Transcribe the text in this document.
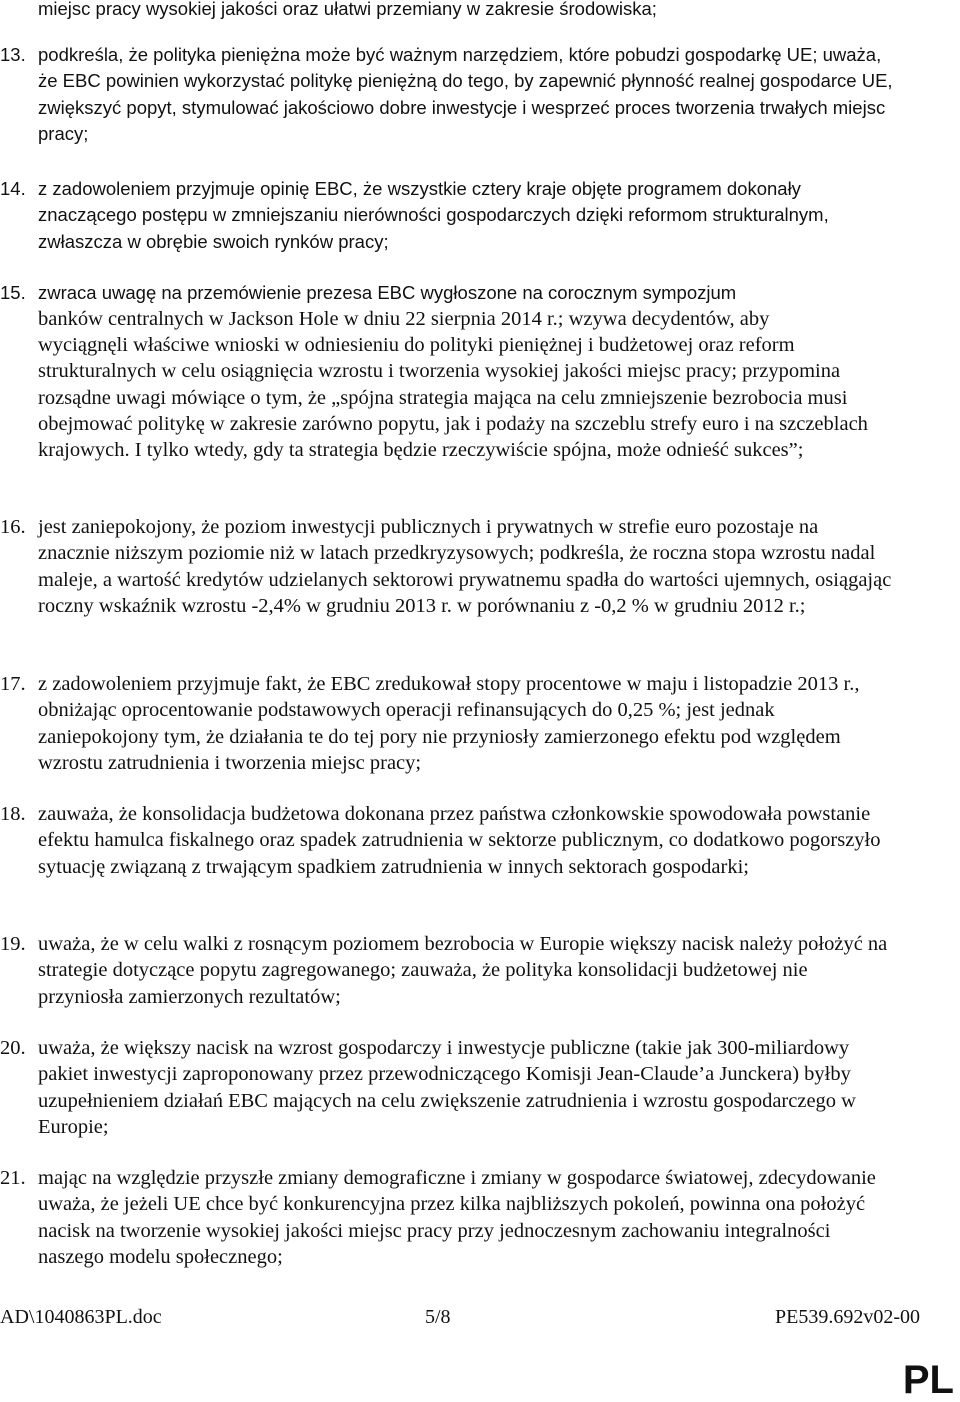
miejsc pracy wysokiej jakości oraz ułatwi przemiany w zakresie środowiska;
13. podkreśla, że polityka pieniężna może być ważnym narzędziem, które pobudzi gospodarkę UE; uważa, że EBC powinien wykorzystać politykę pieniężną do tego, by zapewnić płynność realnej gospodarce UE, zwiększyć popyt, stymulować jakościowo dobre inwestycje i wesprzeć proces tworzenia trwałych miejsc pracy;
14. z zadowoleniem przyjmuje opinię EBC, że wszystkie cztery kraje objęte programem dokonały znaczącego postępu w zmniejszaniu nierówności gospodarczych dzięki reformom strukturalnym, zwłaszcza w obrębie swoich rynków pracy;
15. zwraca uwagę na przemówienie prezesa EBC wygłoszone na corocznym sympozjum
banków centralnych w Jackson Hole w dniu 22 sierpnia 2014 r.; wzywa decydentów, aby
wyciągnęli właściwe wnioski w odniesieniu do polityki pieniężnej i budżetowej oraz reform strukturalnych w celu osiągnięcia wzrostu i tworzenia wysokiej jakości miejsc pracy; przypomina rozsądne uwagi mówiące o tym, że „spójna strategia mająca na celu zmniejszenie bezrobocia musi obejmować politykę w zakresie zarówno popytu, jak i podaży na szczeblu strefy euro i na szczeblach krajowych. I tylko wtedy, gdy ta strategia będzie rzeczywiście spójna, może odnieść sukces”;
16. jest zaniepokojony, że poziom inwestycji publicznych i prywatnych w strefie euro pozostaje na znacznie niższym poziomie niż w latach przedkryzysowych; podkreśla, że roczna stopa wzrostu nadal maleje, a wartość kredytów udzielanych sektorowi prywatnemu spadła do wartości ujemnych, osiągając roczny wskaźnik wzrostu -2,4% w grudniu 2013 r. w porównaniu z -0,2 % w grudniu 2012 r.;
17. z zadowoleniem przyjmuje fakt, że EBC zredukował stopy procentowe w maju i listopadzie 2013 r., obniżając oprocentowanie podstawowych operacji refinansujących do 0,25 %; jest jednak zaniepokojony tym, że działania te do tej pory nie przyniosły zamierzonego efektu pod względem wzrostu zatrudnienia i tworzenia miejsc pracy;
18. zauważa, że konsolidacja budżetowa dokonana przez państwa członkowskie spowodowała powstanie efektu hamulca fiskalnego oraz spadek zatrudnienia w sektorze publicznym, co dodatkowo pogorszyło sytuację związaną z trwającym spadkiem zatrudnienia w innych sektorach gospodarki;
19. uważa, że w celu walki z rosnącym poziomem bezrobocia w Europie większy nacisk należy położyć na strategie dotyczące popytu zagregowanego; zauważa, że polityka konsolidacji budżetowej nie przyniosła zamierzonych rezultatów;
20. uważa, że większy nacisk na wzrost gospodarczy i inwestycje publiczne (takie jak 300-miliardowy pakiet inwestycji zaproponowany przez przewodniczącego Komisji Jean-Claude’a Junckera) byłby uzupełnieniem działań EBC mających na celu zwiększenie zatrudnienia i wzrostu gospodarczego w Europie;
21. mając na względzie przyszłe zmiany demograficzne i zmiany w gospodarce światowej, zdecydowanie uważa, że jeżeli UE chce być konkurencyjna przez kilka najbliższych pokoleń, powinna ona położyć nacisk na tworzenie wysokiej jakości miejsc pracy przy jednoczesnym zachowaniu integralności naszego modelu społecznego;
AD\1040863PL.doc	5/8	PE539.692v02-00
PL
